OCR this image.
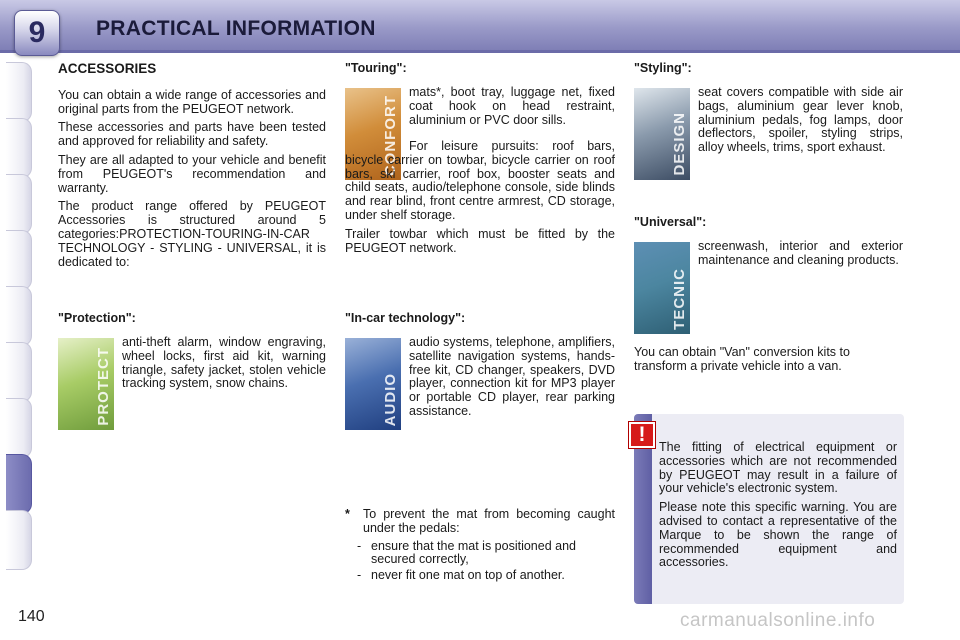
9	PRACTICAL INFORMATION
ACCESSORIES

You can obtain a wide range of accessories and original parts from the PEUGEOT network.

These accessories and parts have been tested and approved for reliability and safety.

They are all adapted to your vehicle and benefit from PEUGEOT's recommendation and warranty.

The product range offered by PEUGEOT Accessories is structured around 5 categories:PROTECTION-TOURING-IN-CAR TECHNOLOGY - STYLING - UNIVERSAL, it is dedicated to:

"Protection":
PROTECT

anti-theft alarm, window engraving, wheel locks, first aid kit, warning triangle, safety jacket, stolen vehicle tracking system, snow chains.

"Touring":
CONFORT

mats*, boot tray, luggage net, fixed coat hook on head restraint, aluminium or PVC door sills.

For leisure pursuits: roof bars, bicycle carrier on towbar, bicycle carrier on roof bars, ski carrier, roof box, booster seats and child seats, audio/telephone console, side blinds and rear blind, front centre armrest, CD storage, under shelf storage.

Trailer towbar which must be fitted by the PEUGEOT network.

"In-car technology":
AUDIO

audio systems, telephone, amplifiers, satellite navigation systems, hands-free kit, CD changer, speakers, DVD player, connection kit for MP3 player or portable CD player, rear parking assistance.

* To prevent the mat from becoming caught under the pedals:

- ensure that the mat is positioned and secured correctly,
- never fit one mat on top of another.
"Styling":
DESIGN

seat covers compatible with side air bags, aluminium gear lever knob, aluminium pedals, fog lamps, door deflectors, spoiler, styling strips, alloy wheels, trims, sport exhaust.

"Universal":
TECNIC

screenwash, interior and exterior maintenance and cleaning products.

You can obtain "Van" conversion kits to transform a private vehicle into a van.

!

The fitting of electrical equipment or accessories which are not recommended by PEUGEOT may result in a failure of your vehicle's electronic system.

Please note this specific warning. You are advised to contact a representative of the Marque to be shown the range of recommended equipment and accessories.

140	carmanualsonline.info
